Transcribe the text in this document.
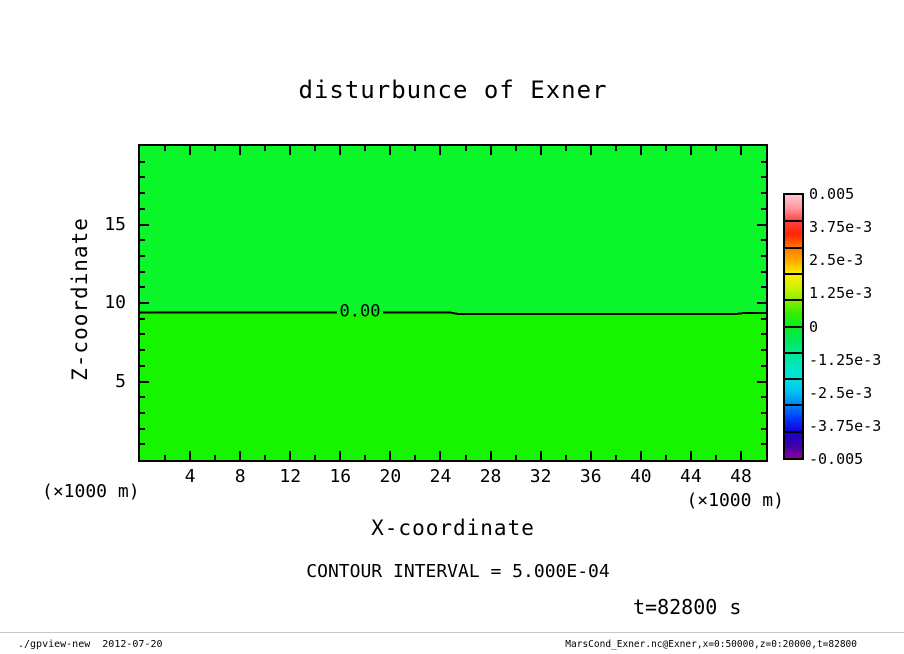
disturbunce of Exner
0.00
4	8	12	16	20	24	28	32	36	40	44	48
5
10
15
Z-coordinate
X-coordinate
(×1000 m)	(×1000 m)
0.005
3.75e-3
2.5e-3
1.25e-3
0
-1.25e-3
-2.5e-3
-3.75e-3
-0.005
CONTOUR INTERVAL = 5.000E-04
t=82800 s
./gpview-new  2012-07-20	MarsCond_Exner.nc@Exner,x=0:50000,z=0:20000,t=82800
